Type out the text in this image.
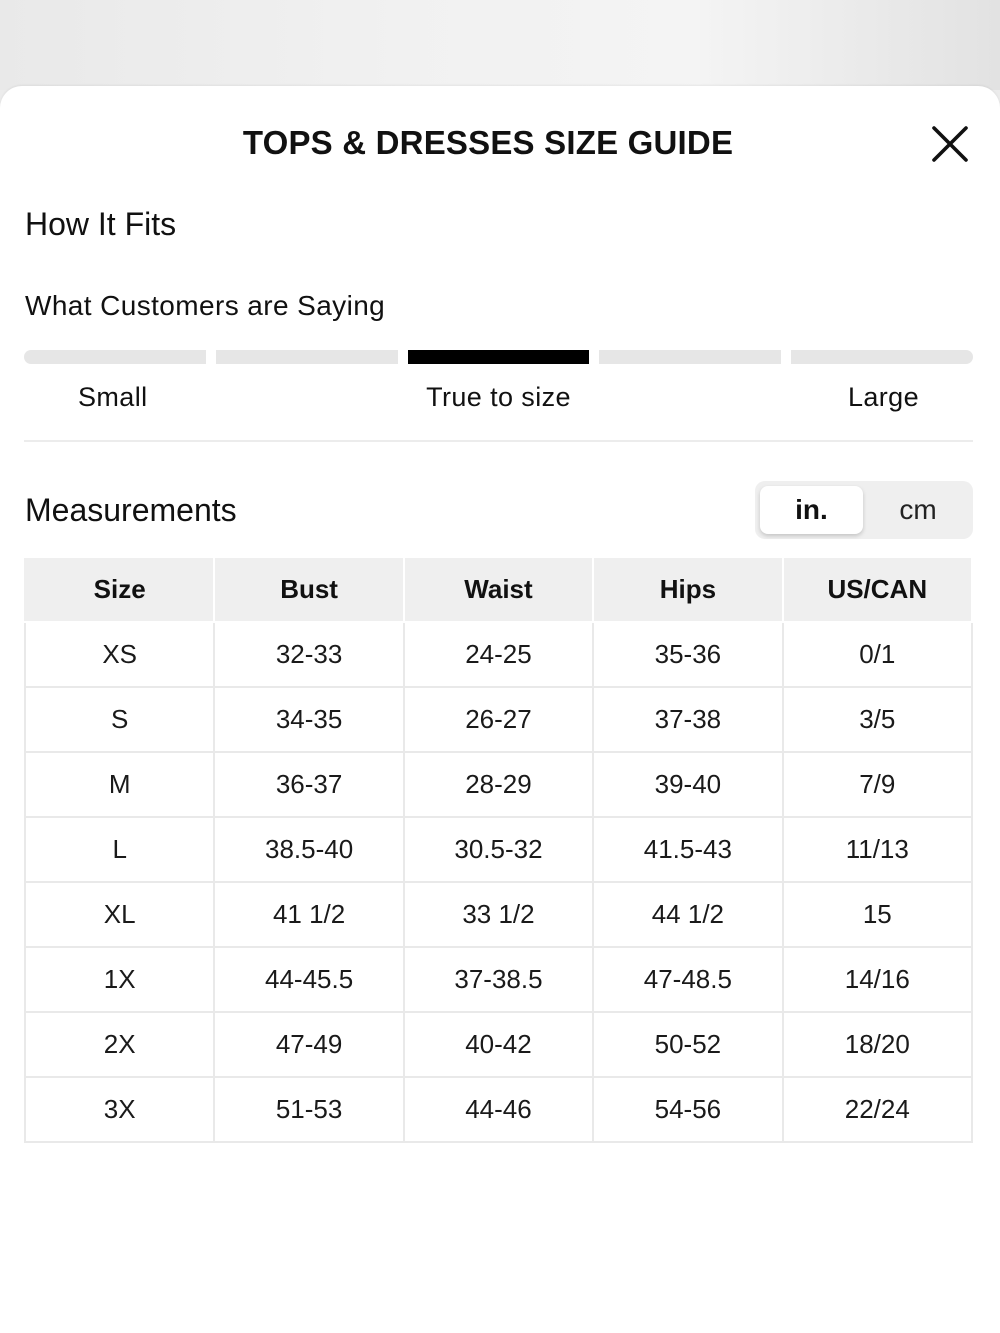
TOPS & DRESSES SIZE GUIDE
How It Fits
What Customers are Saying
Small	True to size	Large
Measurements	in.	cm
Size	Bust	Waist	Hips	US/CAN
XS	32-33	24-25	35-36	0/1
S	34-35	26-27	37-38	3/5
M	36-37	28-29	39-40	7/9
L	38.5-40	30.5-32	41.5-43	11/13
XL	41 1/2	33 1/2	44 1/2	15
1X	44-45.5	37-38.5	47-48.5	14/16
2X	47-49	40-42	50-52	18/20
3X	51-53	44-46	54-56	22/24
